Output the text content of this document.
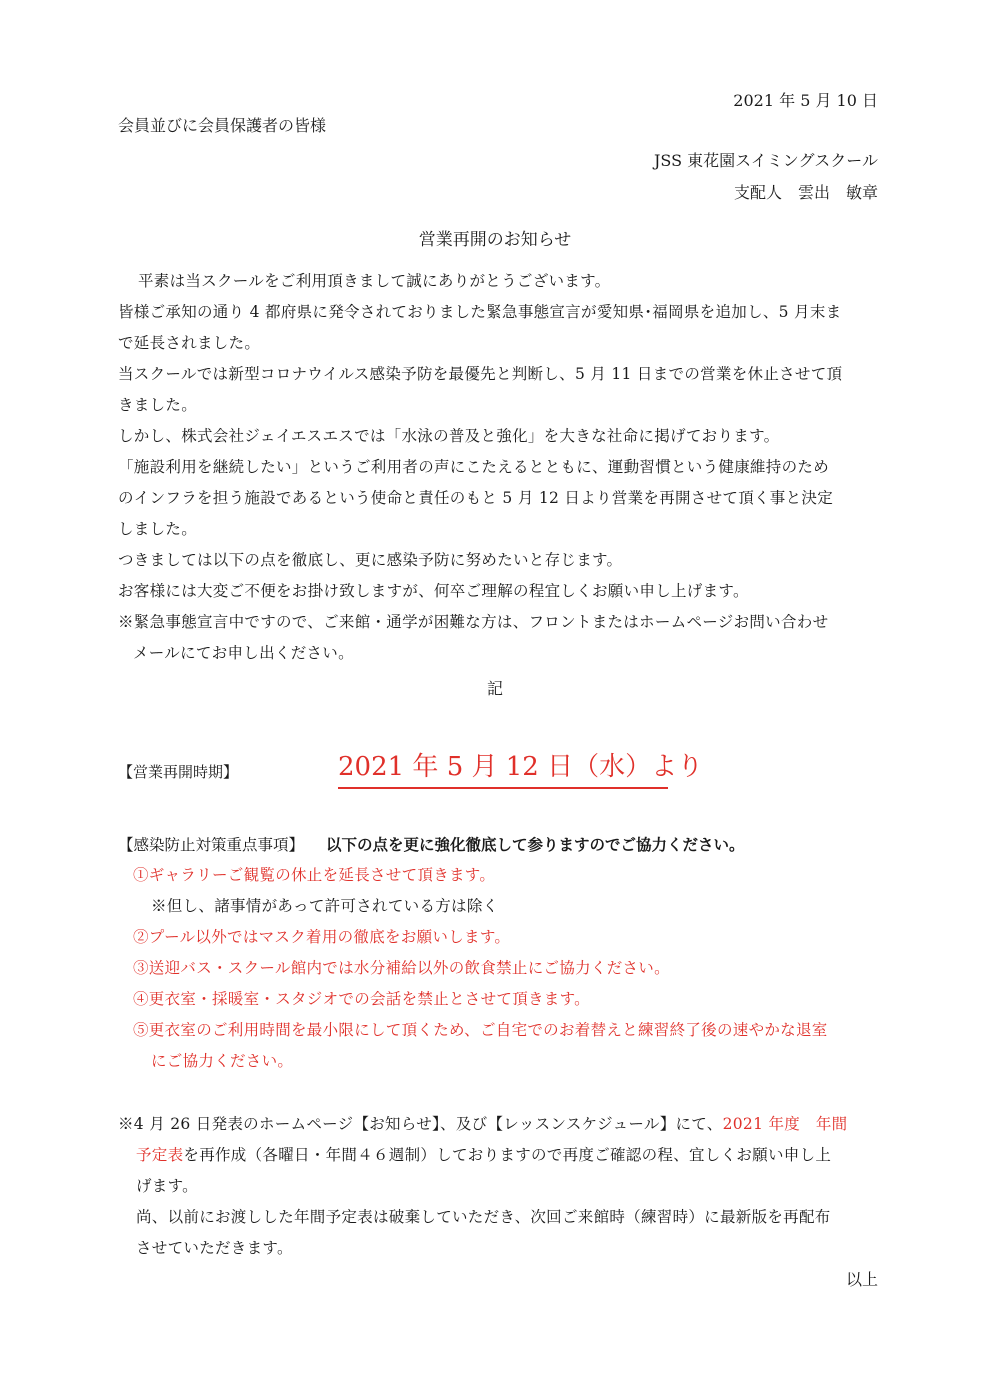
2021 年 5 月 10 日
会員並びに会員保護者の皆様
JSS 東花園スイミングスクール
支配人　雲出　敏章
営業再開のお知らせ
平素は当スクールをご利用頂きまして誠にありがとうございます。
皆様ご承知の通り 4 都府県に発令されておりました緊急事態宣言が愛知県･福岡県を追加し、5 月末ま
で延長されました。
当スクールでは新型コロナウイルス感染予防を最優先と判断し、5 月 11 日までの営業を休止させて頂
きました。
しかし、株式会社ジェイエスエスでは「水泳の普及と強化」を大きな社命に掲げております。
「施設利用を継続したい」というご利用者の声にこたえるとともに、運動習慣という健康維持のため
のインフラを担う施設であるという使命と責任のもと 5 月 12 日より営業を再開させて頂く事と決定
しました。
つきましては以下の点を徹底し、更に感染予防に努めたいと存じます。
お客様には大変ご不便をお掛け致しますが、何卒ご理解の程宜しくお願い申し上げます。
※緊急事態宣言中ですので、ご来館・通学が困難な方は、フロントまたはホームページお問い合わせ
メールにてお申し出ください。
記
【営業再開時期】	2021 年 5 月 12 日（水）より
【感染防止対策重点事項】 以下の点を更に強化徹底して参りますのでご協力ください。
①ギャラリーご観覧の休止を延長させて頂きます。
※但し、諸事情があって許可されている方は除く
②プール以外ではマスク着用の徹底をお願いします。
③送迎バス・スクール館内では水分補給以外の飲食禁止にご協力ください。
④更衣室・採暖室・スタジオでの会話を禁止とさせて頂きます。
⑤更衣室のご利用時間を最小限にして頂くため、ご自宅でのお着替えと練習終了後の速やかな退室
にご協力ください。
※4 月 26 日発表のホームページ【お知らせ】、及び【レッスンスケジュール】にて、2021 年度　年間
予定表を再作成（各曜日・年間４６週制）しておりますので再度ご確認の程、宜しくお願い申し上
げます。
尚、以前にお渡しした年間予定表は破棄していただき、次回ご来館時（練習時）に最新版を再配布
させていただきます。
以上
